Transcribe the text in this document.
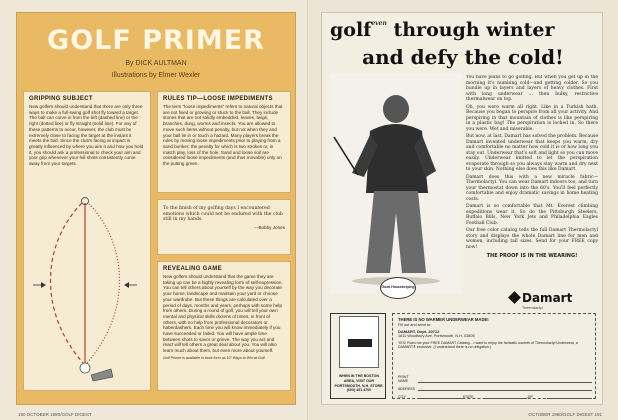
GOLF PRIMER
By DICK AULTMAN
Illustrations by Elmer Wexler
GRIPPING SUBJECT

New golfers should understand that there are only three ways to make a full-swing golf shot fly toward a target. The ball can curve in from the left (dashed line) or the right (dotted line) or fly straight (solid line). For any of these patterns to occur, however, the club must be extremely close to facing the target at the instant it meets the ball. Since the club's facing at impact is greatly influenced by where you aim it and how you hold it, you should ask a professional to check your aim and your grip whenever your full shots consistently curve away from your targets.

RULES TIP—LOOSE IMPEDIMENTS

The term "loose impediments" refers to natural objects that are not fixed or growing or stuck to the ball. They include stones that are not solidly embedded, leaves, twigs, branches, dung, worms and insects. You are allowed to move such items without penalty, but not when they and your ball lie in or touch a hazard. Many players break the rules by moving loose impediments prior to playing from a sand bunker; the penalty for which is two strokes or, in match play, loss of the hole. Sand and loose soil are considered loose impediments (and thus movable) only on the putting green.

To the finish of my golfing days I encountered emotions which could not be endured with the club still in my hands.

—Bobby Jones

REVEALING GAME

New golfers should understand that the game they are taking up can be a highly revealing form of self-expression. You can tell others about yourself by the way you decorate your home, landscape and maintain your yard or choose your wardrobe. But these things are calculated over a period of days, months and years, perhaps with some help from others. During a round of golf, you will tell your own mental and physical skills dozens of times, in front of others, with no help from professional decorators or haberdashers. Each time you will know immediately if you have succeeded or failed. You will have ample time between shots to savor or grieve. The way you act and react will tell others a great deal about you. You will also learn much about them, but even more about yourself.

Golf Primer is available in book form as 10" Ways to Win at Golf.

190 OCTOBER 1980/GOLF DIGEST
golf$^{even}$ through winter
and defy the cold!

You have plans to go golfing. But when you get up in the morning it's numbing cold—and getting colder. So you bundle up in layers and layers of heavy clothes. First with long underwear ... then bulky, restrictive thermalwear on top.

Oh, you were warm all right. Like in a Turkish bath. Because you began to perspire from all your activity. And perspiring in that mountain of clothes is like perspiring in a plastic bag! The perspiration is locked in. So there you were. Wet and miserable.

But now, at last, Damart has solved the problem. Because Damart invented underwear that keeps you warm, dry and comfortable no matter how cold it is or how long you stay out. Underwear that's soft and light so you can move easily. Underwear knitted to let the perspiration evaporate through so you always stay warm and dry next to your skin. Nothing else does this like Damart.

Damart does this with a new miracle fabric—Thermolactyl. You can wear Damart indoors too, and turn your thermostat down into the 60's. You'll feel perfectly comfortable and enjoy dramatic savings in home heating costs.

Damart is so comfortable that Mt. Everest climbing expeditions wear it. So do the Pittsburgh Steelers, Buffalo Bills, New York Jets and Philadelphia Eagles Football Club.

Our free color catalog tells the full Damart Thermolactyl story and displays the whole Damart line for men and women, including tall sizes. Send for your FREE copy now!

THE PROOF IS IN THE WEARING!
Good Housekeeping
Damart
Thermolactyl
WHEN IN THE BOSTON AREA, VISIT OUR PORTSMOUTH, N.H. STORE. (603) 431-4700
THERE IS NO WARMER UNDERWEAR MADE!
Fill out and send to:
DAMART, Dept. 20712
1811 Woodbury Ave. Portsmouth, N.H. 03805
YES! Rush me your FREE DAMART Catalog... I want to enjoy the fantastic warmth of Thermolactyl Underwear, a DAMART® exclusive. (I understand there is no obligation.)
PRINT NAME
ADDRESS
CITY	STATE	ZIP
OCTOBER 1980/GOLF DIGEST 191
